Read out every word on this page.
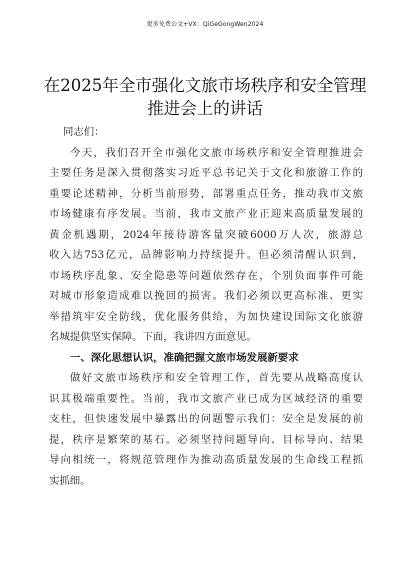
更多免费公文+VX：QiGeGongWen2024
在2025年全市强化文旅市场秩序和安全管理
推进会上的讲话

同志们：

今天，我们召开全市强化文旅市场秩序和安全管理推进会

主要任务是深入贯彻落实习近平总书记关于文化和旅游工作的

重要论述精神，分析当前形势，部署重点任务，推动我市文旅

市场健康有序发展。当前，我市文旅产业正迎来高质量发展的

黄金机遇期，2024年接待游客量突破6000万人次，旅游总

收入达753亿元，品牌影响力持续提升。但必须清醒认识到，

市场秩序乱象、安全隐患等问题依然存在，个别负面事件可能

对城市形象造成难以挽回的损害。我们必须以更高标准、更实

举措筑牢安全防线，优化服务供给，为加快建设国际文化旅游

名城提供坚实保障。下面，我讲四方面意见。

一、深化思想认识，准确把握文旅市场发展新要求

做好文旅市场秩序和安全管理工作，首先要从战略高度认

识其极端重要性。当前，我市文旅产业已成为区域经济的重要

支柱，但快速发展中暴露出的问题警示我们：安全是发展的前

提，秩序是繁荣的基石。必须坚持问题导向、目标导向、结果

导向相统一，将规范管理作为推动高质量发展的生命线工程抓

实抓细。
